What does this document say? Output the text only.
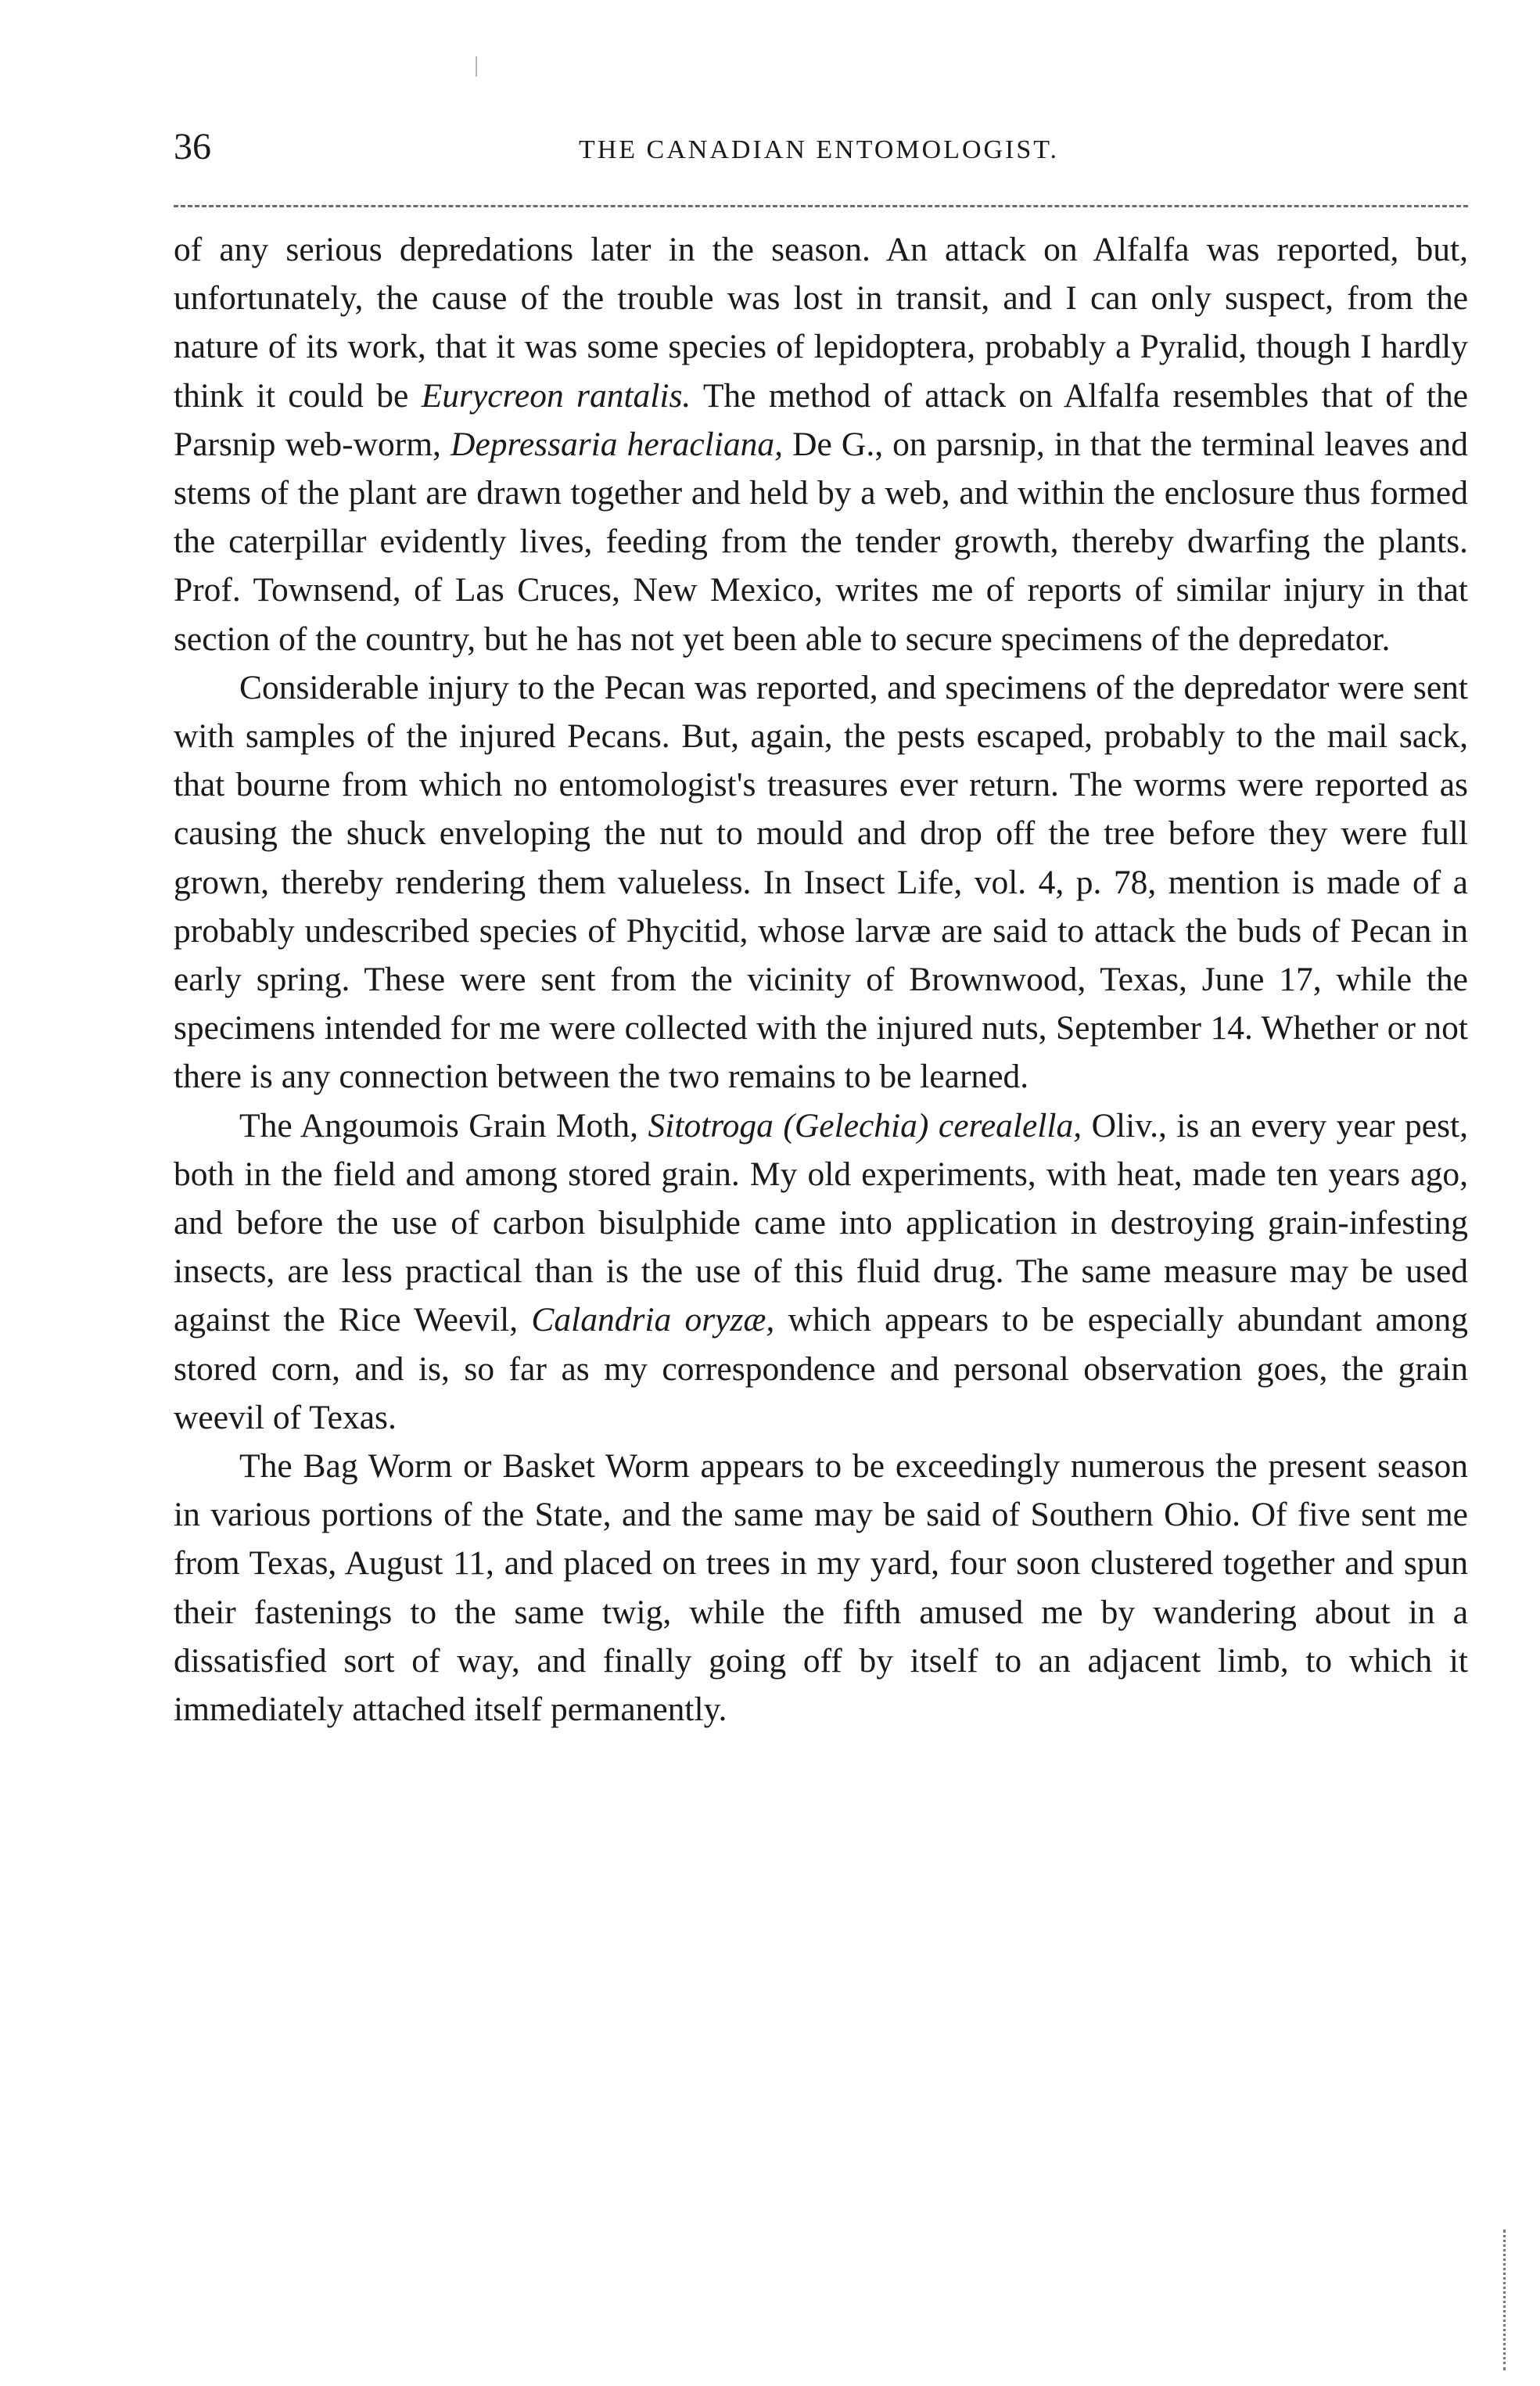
36	THE CANADIAN ENTOMOLOGIST.

of any serious depredations later in the season. An attack on Alfalfa was reported, but, unfortunately, the cause of the trouble was lost in transit, and I can only suspect, from the nature of its work, that it was some species of lepidoptera, probably a Pyralid, though I hardly think it could be Eurycreon rantalis. The method of attack on Alfalfa resembles that of the Parsnip web-worm, Depressaria heracliana, De G., on parsnip, in that the terminal leaves and stems of the plant are drawn together and held by a web, and within the enclosure thus formed the caterpillar evidently lives, feeding from the tender growth, thereby dwarfing the plants. Prof. Townsend, of Las Cruces, New Mexico, writes me of reports of similar injury in that section of the country, but he has not yet been able to secure specimens of the depredator.

Considerable injury to the Pecan was reported, and specimens of the depredator were sent with samples of the injured Pecans. But, again, the pests escaped, probably to the mail sack, that bourne from which no entomologist's treasures ever return. The worms were reported as causing the shuck enveloping the nut to mould and drop off the tree before they were full grown, thereby rendering them valueless. In Insect Life, vol. 4, p. 78, mention is made of a probably undescribed species of Phycitid, whose larvæ are said to attack the buds of Pecan in early spring. These were sent from the vicinity of Brownwood, Texas, June 17, while the specimens intended for me were collected with the injured nuts, September 14. Whether or not there is any connection between the two remains to be learned.

The Angoumois Grain Moth, Sitotroga (Gelechia) cerealella, Oliv., is an every year pest, both in the field and among stored grain. My old experiments, with heat, made ten years ago, and before the use of carbon bisulphide came into application in destroying grain-infesting insects, are less practical than is the use of this fluid drug. The same measure may be used against the Rice Weevil, Calandria oryzæ, which appears to be especially abundant among stored corn, and is, so far as my correspondence and personal observation goes, the grain weevil of Texas.

The Bag Worm or Basket Worm appears to be exceedingly numerous the present season in various portions of the State, and the same may be said of Southern Ohio. Of five sent me from Texas, August 11, and placed on trees in my yard, four soon clustered together and spun their fastenings to the same twig, while the fifth amused me by wandering about in a dissatisfied sort of way, and finally going off by itself to an adjacent limb, to which it immediately attached itself permanently.
